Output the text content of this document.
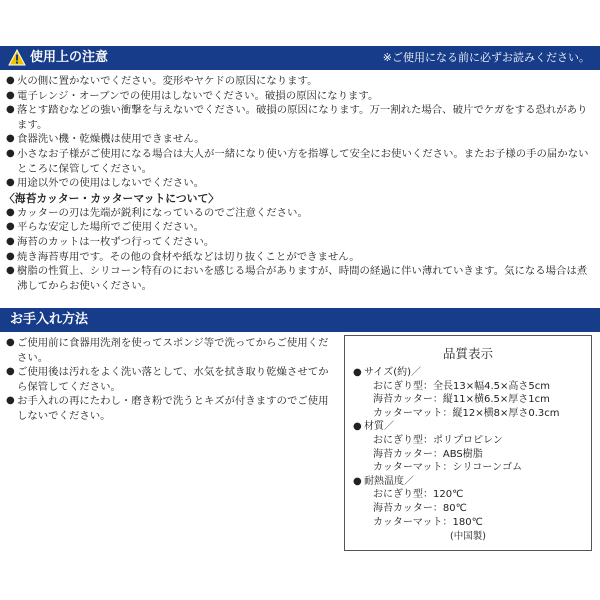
使用上の注意	※ご使用になる前に必ずお読みください。
● 火の側に置かないでください。変形やヤケドの原因になります。
● 電子レンジ・オーブンでの使用はしないでください。破損の原因になります。
● 落とす踏むなどの強い衝撃を与えないでください。破損の原因になります。万一割れた場合、破片でケガをする恐れがあります。
● 食器洗い機・乾燥機は使用できません。
● 小さなお子様がご使用になる場合は大人が一緒になり使い方を指導して安全にお使いください。またお子様の手の届かないところに保管してください。
● 用途以外での使用はしないでください。
〈海苔カッター・カッターマットについて〉
● カッターの刃は先端が鋭利になっているのでご注意ください。
● 平らな安定した場所でご使用ください。
● 海苔のカットは一枚ずつ行ってください。
● 焼き海苔専用です。その他の食材や紙などは切り抜くことができません。
● 樹脂の性質上、シリコーン特有のにおいを感じる場合がありますが、時間の経過に伴い薄れていきます。気になる場合は煮沸してからお使いください。
お手入れ方法
● ご使用前に食器用洗剤を使ってスポンジ等で洗ってからご使用ください。
● ご使用後は汚れをよく洗い落として、水気を拭き取り乾燥させてから保管してください。
● お手入れの再にたわし・磨き粉で洗うとキズが付きますのでご使用しないでください。
品質表示
● サイズ(約)／
おにぎり型：全長13×幅4.5×高さ5cm
海苔カッター：縦11×横6.5×厚さ1cm
カッターマット：縦12×横8×厚さ0.3cm
● 材質／
おにぎり型：ポリプロピレン
海苔カッター：ABS樹脂
カッターマット：シリコーンゴム
● 耐熱温度／
おにぎり型：120℃
海苔カッター：80℃
カッターマット：180℃
(中国製)
